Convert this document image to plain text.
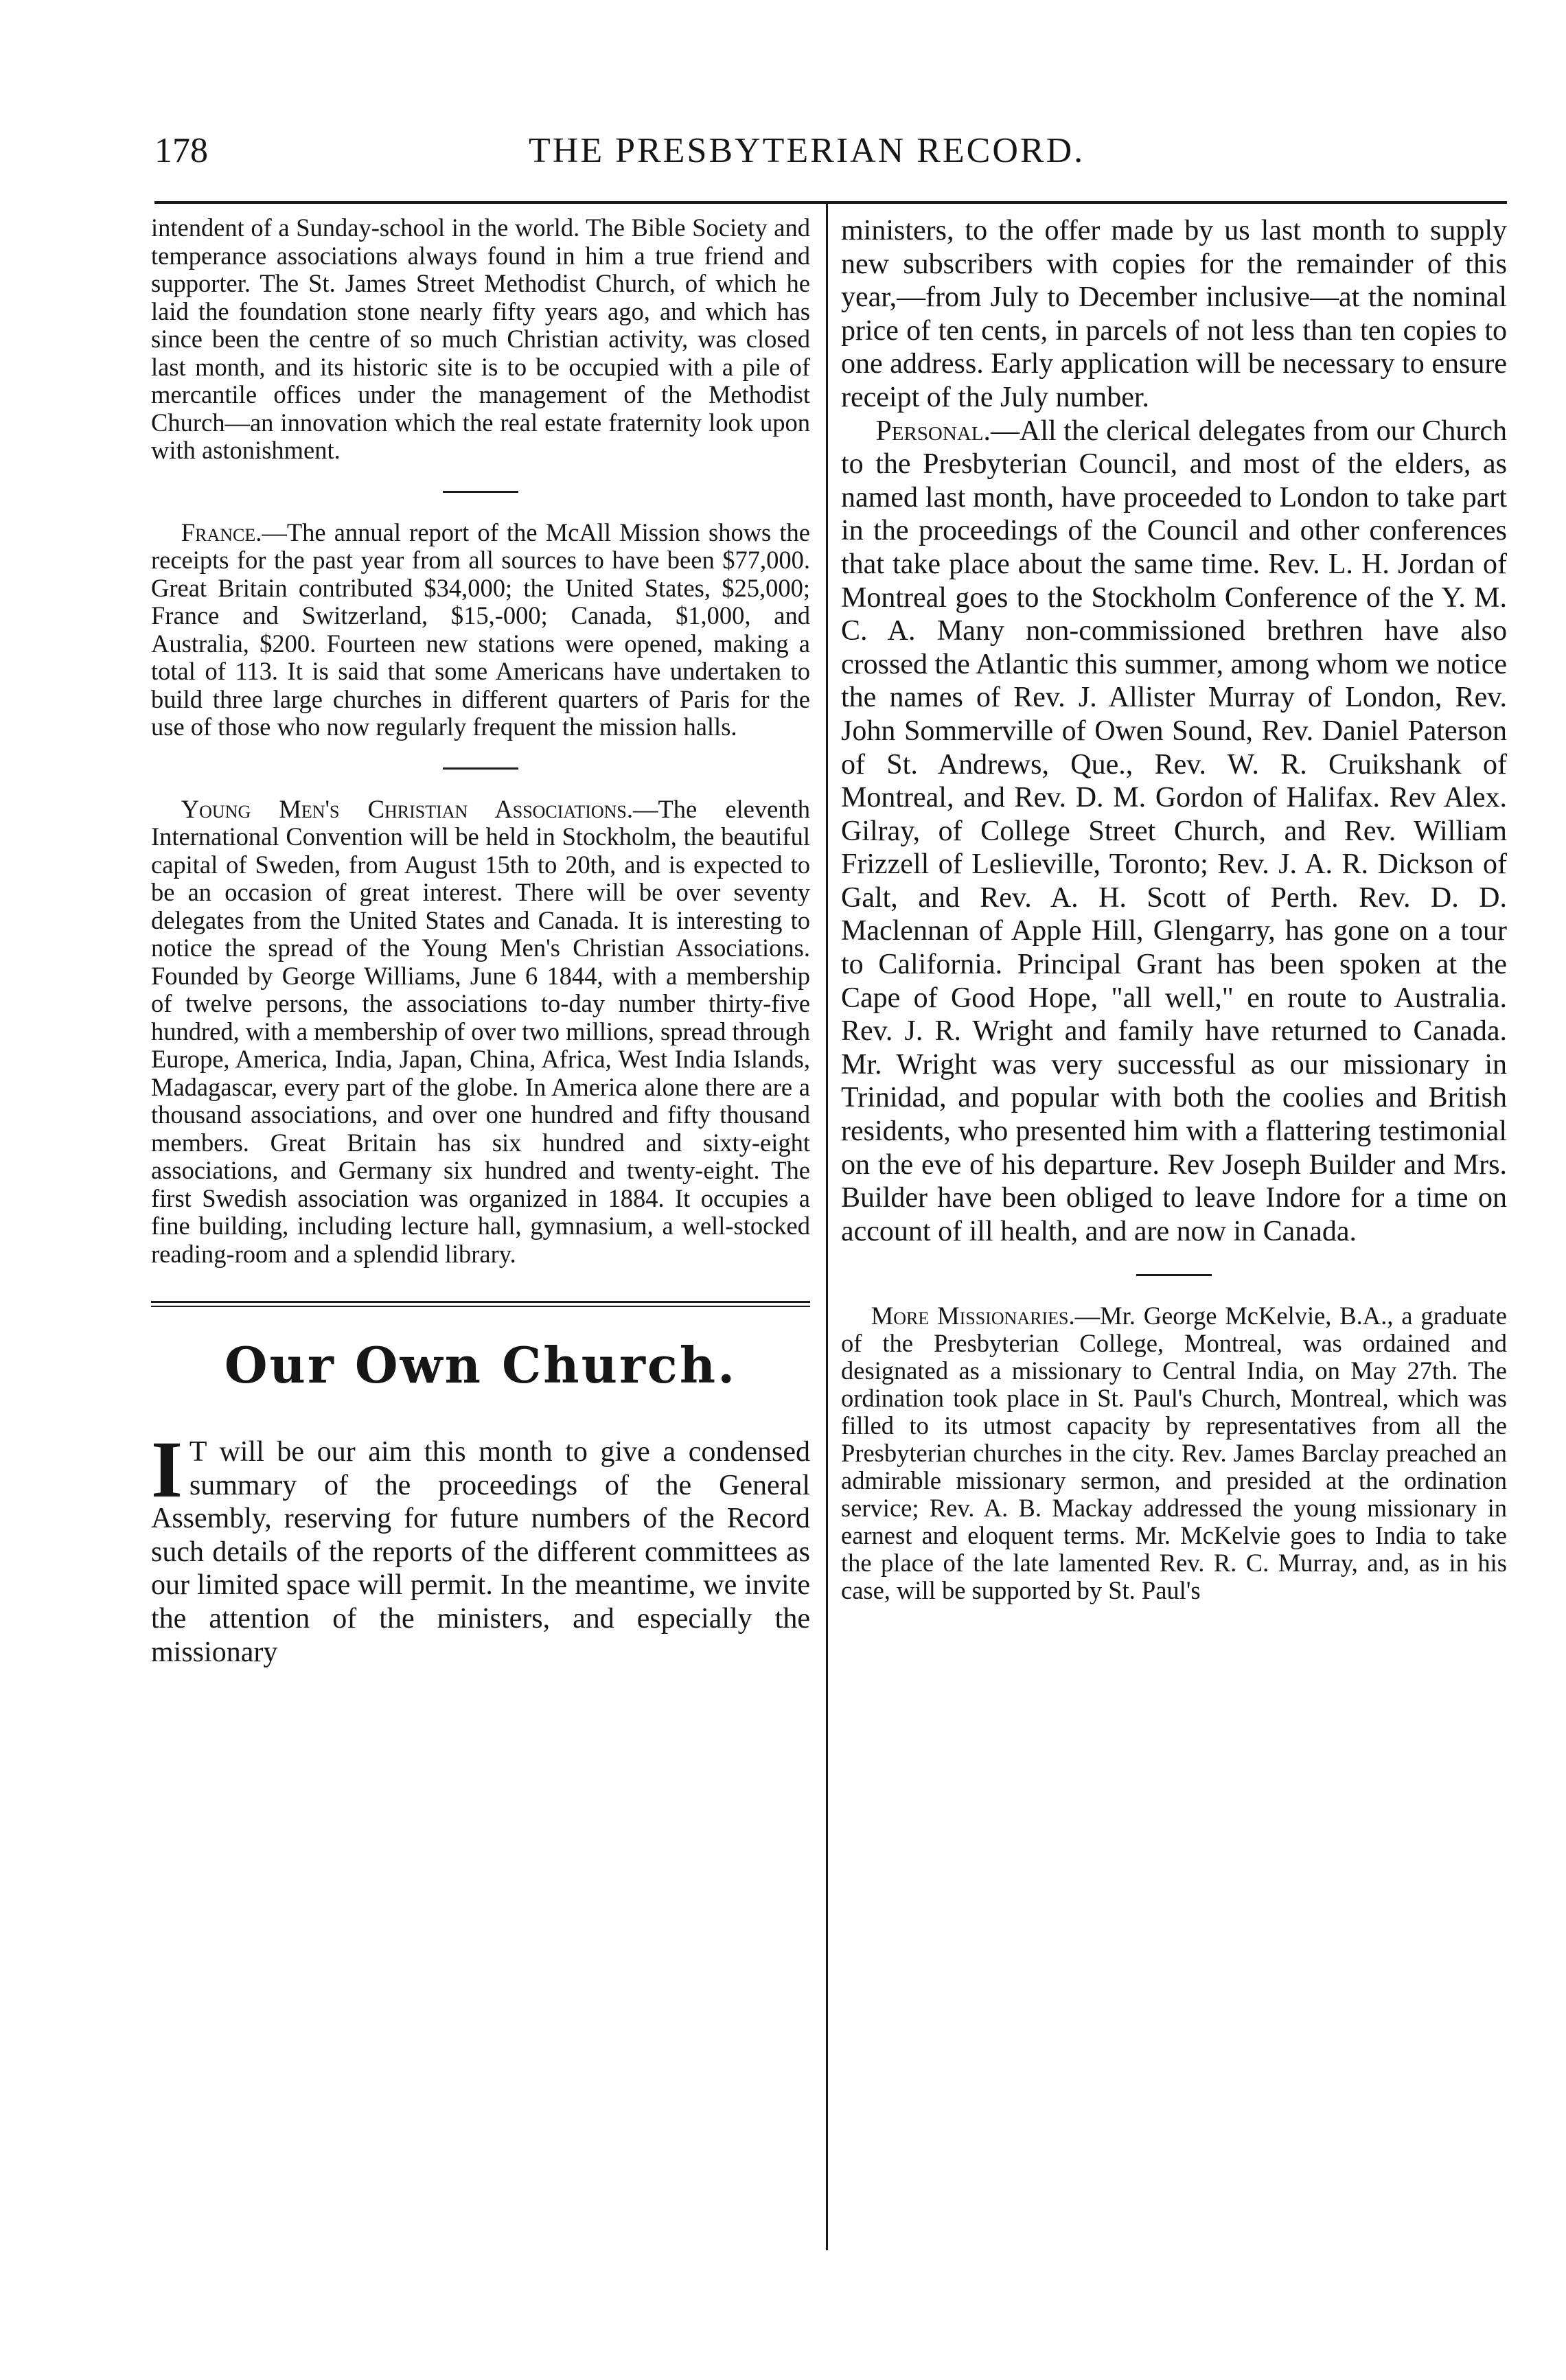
178	THE PRESBYTERIAN RECORD.

intendent of a Sunday-school in the world. The Bible Society and temperance associations always found in him a true friend and supporter. The St. James Street Methodist Church, of which he laid the foundation stone nearly fifty years ago, and which has since been the centre of so much Christian activity, was closed last month, and its historic site is to be occupied with a pile of mercantile offices under the management of the Methodist Church—an innovation which the real estate fraternity look upon with astonishment.

France.—The annual report of the McAll Mission shows the receipts for the past year from all sources to have been $77,000. Great Britain contributed $34,000; the United States, $25,000; France and Switzerland, $15,-000; Canada, $1,000, and Australia, $200. Fourteen new stations were opened, making a total of 113. It is said that some Americans have undertaken to build three large churches in different quarters of Paris for the use of those who now regularly frequent the mission halls.

Young Men's Christian Associations.—The eleventh International Convention will be held in Stockholm, the beautiful capital of Sweden, from August 15th to 20th, and is expected to be an occasion of great interest. There will be over seventy delegates from the United States and Canada. It is interesting to notice the spread of the Young Men's Christian Associations. Founded by George Williams, June 6 1844, with a membership of twelve persons, the associations to-day number thirty-five hundred, with a membership of over two millions, spread through Europe, America, India, Japan, China, Africa, West India Islands, Madagascar, every part of the globe. In America alone there are a thousand associations, and over one hundred and fifty thousand members. Great Britain has six hundred and sixty-eight associations, and Germany six hundred and twenty-eight. The first Swedish association was organized in 1884. It occupies a fine building, including lecture hall, gymnasium, a well-stocked reading-room and a splendid library.

Our Own Church.

I T will be our aim this month to give a condensed summary of the proceedings of the General Assembly, reserving for future numbers of the Record such details of the reports of the different committees as our limited space will permit. In the meantime, we invite the attention of the ministers, and especially the missionary

ministers, to the offer made by us last month to supply new subscribers with copies for the remainder of this year,—from July to December inclusive—at the nominal price of ten cents, in parcels of not less than ten copies to one address. Early application will be necessary to ensure receipt of the July number.

Personal.—All the clerical delegates from our Church to the Presbyterian Council, and most of the elders, as named last month, have proceeded to London to take part in the proceedings of the Council and other conferences that take place about the same time. Rev. L. H. Jordan of Montreal goes to the Stockholm Conference of the Y. M. C. A. Many non-commissioned brethren have also crossed the Atlantic this summer, among whom we notice the names of Rev. J. Allister Murray of London, Rev. John Sommerville of Owen Sound, Rev. Daniel Paterson of St. Andrews, Que., Rev. W. R. Cruikshank of Montreal, and Rev. D. M. Gordon of Halifax. Rev Alex. Gilray, of College Street Church, and Rev. William Frizzell of Leslieville, Toronto; Rev. J. A. R. Dickson of Galt, and Rev. A. H. Scott of Perth. Rev. D. D. Maclennan of Apple Hill, Glengarry, has gone on a tour to California. Principal Grant has been spoken at the Cape of Good Hope, "all well," en route to Australia. Rev. J. R. Wright and family have returned to Canada. Mr. Wright was very successful as our missionary in Trinidad, and popular with both the coolies and British residents, who presented him with a flattering testimonial on the eve of his departure. Rev Joseph Builder and Mrs. Builder have been obliged to leave Indore for a time on account of ill health, and are now in Canada.

More Missionaries.—Mr. George McKelvie, B.A., a graduate of the Presbyterian College, Montreal, was ordained and designated as a missionary to Central India, on May 27th. The ordination took place in St. Paul's Church, Montreal, which was filled to its utmost capacity by representatives from all the Presbyterian churches in the city. Rev. James Barclay preached an admirable missionary sermon, and presided at the ordination service; Rev. A. B. Mackay addressed the young missionary in earnest and eloquent terms. Mr. McKelvie goes to India to take the place of the late lamented Rev. R. C. Murray, and, as in his case, will be supported by St. Paul's
